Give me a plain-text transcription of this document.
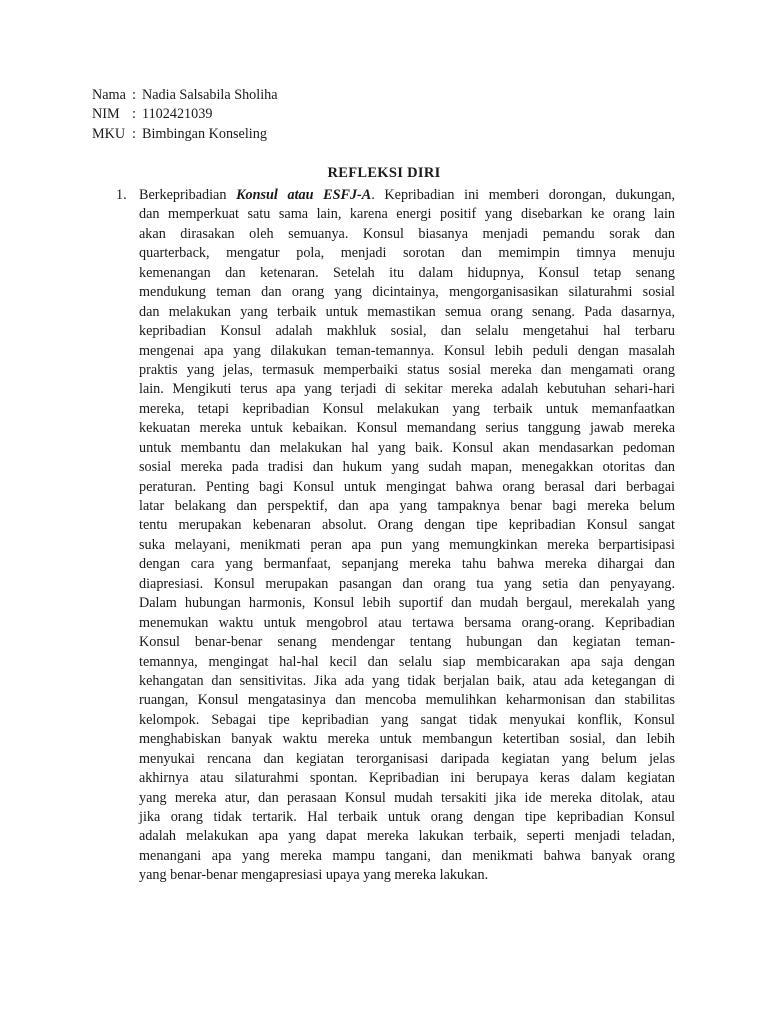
Nama : Nadia Salsabila Sholiha
NIM : 1102421039
MKU : Bimbingan Konseling
REFLEKSI DIRI
1. Berkepribadian Konsul atau ESFJ-A. Kepribadian ini memberi dorongan, dukungan,
dan memperkuat satu sama lain, karena energi positif yang disebarkan ke orang lain
akan dirasakan oleh semuanya. Konsul biasanya menjadi pemandu sorak dan
quarterback, mengatur pola, menjadi sorotan dan memimpin timnya menuju
kemenangan dan ketenaran. Setelah itu dalam hidupnya, Konsul tetap senang
mendukung teman dan orang yang dicintainya, mengorganisasikan silaturahmi sosial
dan melakukan yang terbaik untuk memastikan semua orang senang. Pada dasarnya,
kepribadian Konsul adalah makhluk sosial, dan selalu mengetahui hal terbaru
mengenai apa yang dilakukan teman-temannya. Konsul lebih peduli dengan masalah
praktis yang jelas, termasuk memperbaiki status sosial mereka dan mengamati orang
lain. Mengikuti terus apa yang terjadi di sekitar mereka adalah kebutuhan sehari-hari
mereka, tetapi kepribadian Konsul melakukan yang terbaik untuk memanfaatkan
kekuatan mereka untuk kebaikan. Konsul memandang serius tanggung jawab mereka
untuk membantu dan melakukan hal yang baik. Konsul akan mendasarkan pedoman
sosial mereka pada tradisi dan hukum yang sudah mapan, menegakkan otoritas dan
peraturan. Penting bagi Konsul untuk mengingat bahwa orang berasal dari berbagai
latar belakang dan perspektif, dan apa yang tampaknya benar bagi mereka belum
tentu merupakan kebenaran absolut. Orang dengan tipe kepribadian Konsul sangat
suka melayani, menikmati peran apa pun yang memungkinkan mereka berpartisipasi
dengan cara yang bermanfaat, sepanjang mereka tahu bahwa mereka dihargai dan
diapresiasi. Konsul merupakan pasangan dan orang tua yang setia dan penyayang.
Dalam hubungan harmonis, Konsul lebih suportif dan mudah bergaul, merekalah yang
menemukan waktu untuk mengobrol atau tertawa bersama orang-orang. Kepribadian
Konsul benar-benar senang mendengar tentang hubungan dan kegiatan teman-
temannya, mengingat hal-hal kecil dan selalu siap membicarakan apa saja dengan
kehangatan dan sensitivitas. Jika ada yang tidak berjalan baik, atau ada ketegangan di
ruangan, Konsul mengatasinya dan mencoba memulihkan keharmonisan dan stabilitas
kelompok. Sebagai tipe kepribadian yang sangat tidak menyukai konflik, Konsul
menghabiskan banyak waktu mereka untuk membangun ketertiban sosial, dan lebih
menyukai rencana dan kegiatan terorganisasi daripada kegiatan yang belum jelas
akhirnya atau silaturahmi spontan. Kepribadian ini berupaya keras dalam kegiatan
yang mereka atur, dan perasaan Konsul mudah tersakiti jika ide mereka ditolak, atau
jika orang tidak tertarik. Hal terbaik untuk orang dengan tipe kepribadian Konsul
adalah melakukan apa yang dapat mereka lakukan terbaik, seperti menjadi teladan,
menangani apa yang mereka mampu tangani, dan menikmati bahwa banyak orang
yang benar-benar mengapresiasi upaya yang mereka lakukan.
